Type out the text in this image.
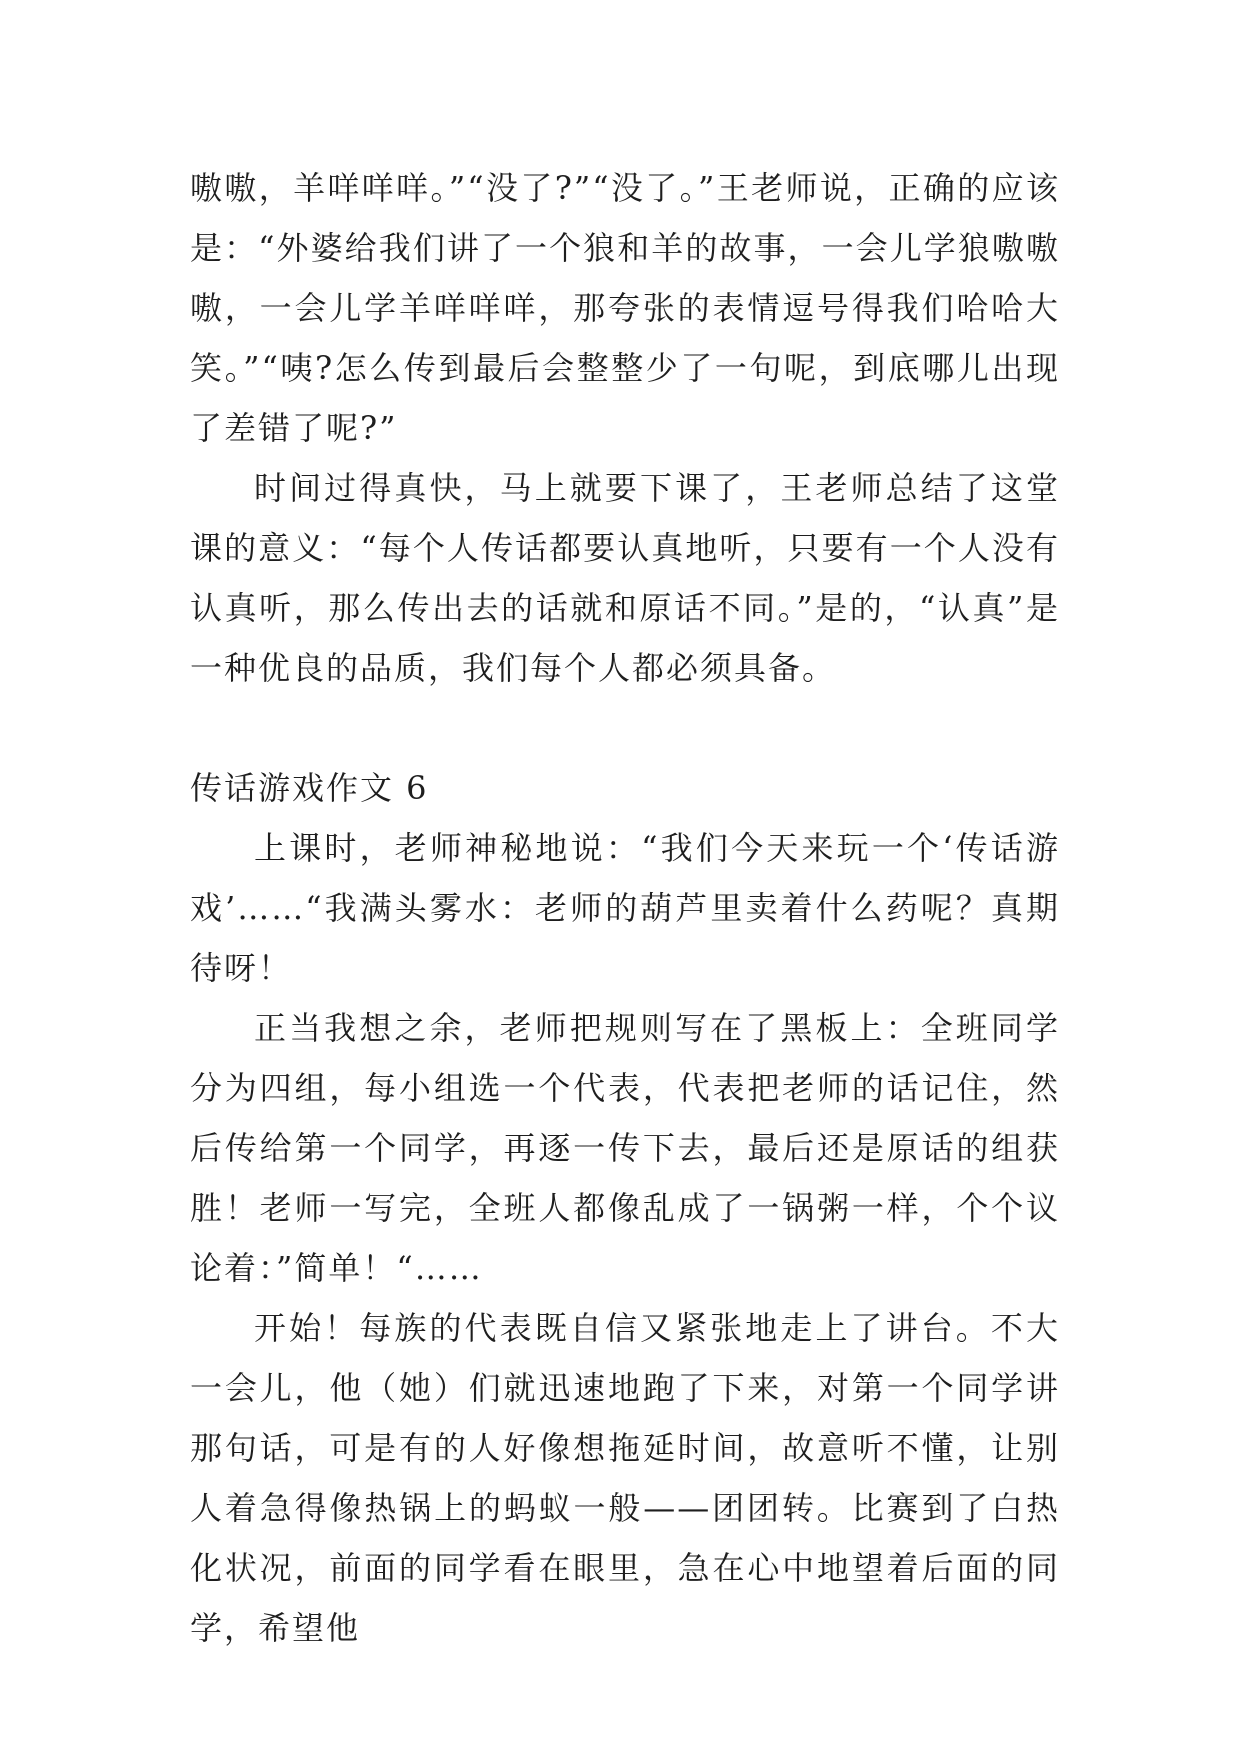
嗷嗷，羊咩咩咩。”“没了?”“没了。”王老师说，正确的应该是：“外婆给我们讲了一个狼和羊的故事，一会儿学狼嗷嗷嗷，一会儿学羊咩咩咩，那夸张的表情逗号得我们哈哈大笑。”“咦?怎么传到最后会整整少了一句呢，到底哪儿出现了差错了呢?”

时间过得真快，马上就要下课了，王老师总结了这堂课的意义：“每个人传话都要认真地听，只要有一个人没有认真听，那么传出去的话就和原话不同。”是的，“认真”是一种优良的品质，我们每个人都必须具备。

传话游戏作文 6

上课时，老师神秘地说：“我们今天来玩一个‘传话游戏’……“我满头雾水：老师的葫芦里卖着什么药呢？真期待呀！

正当我想之余，老师把规则写在了黑板上：全班同学分为四组，每小组选一个代表，代表把老师的话记住，然后传给第一个同学，再逐一传下去，最后还是原话的组获胜！老师一写完，全班人都像乱成了一锅粥一样，个个议论着：”简单！“……

开始！每族的代表既自信又紧张地走上了讲台。不大一会儿，他（她）们就迅速地跑了下来，对第一个同学讲那句话，可是有的人好像想拖延时间，故意听不懂，让别人着急得像热锅上的蚂蚁一般——团团转。比赛到了白热化状况，前面的同学看在眼里，急在心中地望着后面的同学，希望他
